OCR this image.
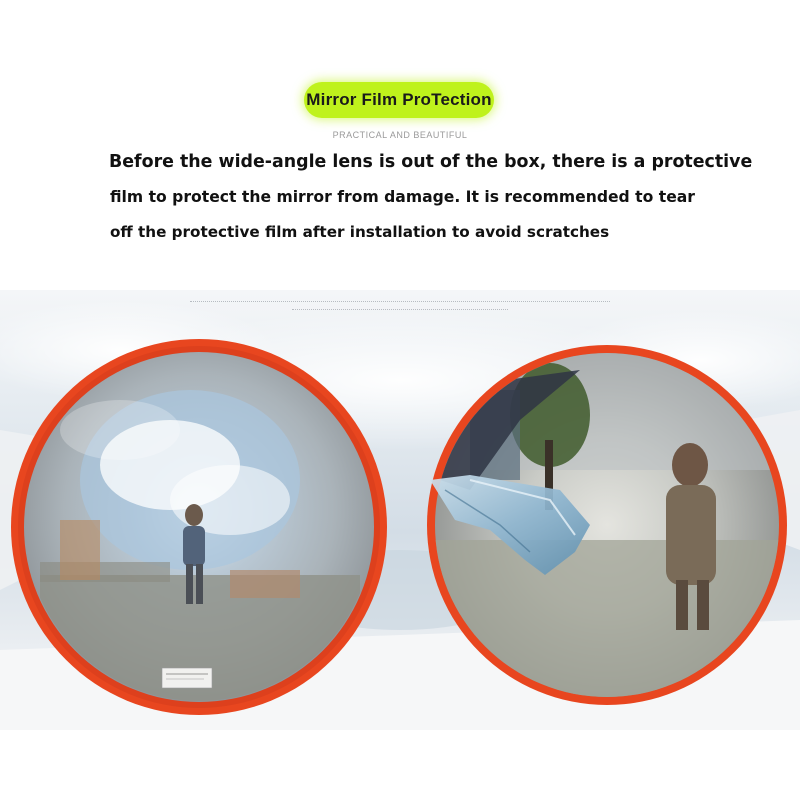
Mirror Film ProTection
PRACTICAL AND BEAUTIFUL
Before the wide-angle lens is out of the box, there is a protective
film to protect the mirror from damage. It is recommended to tear
off the protective film after installation to avoid scratches
